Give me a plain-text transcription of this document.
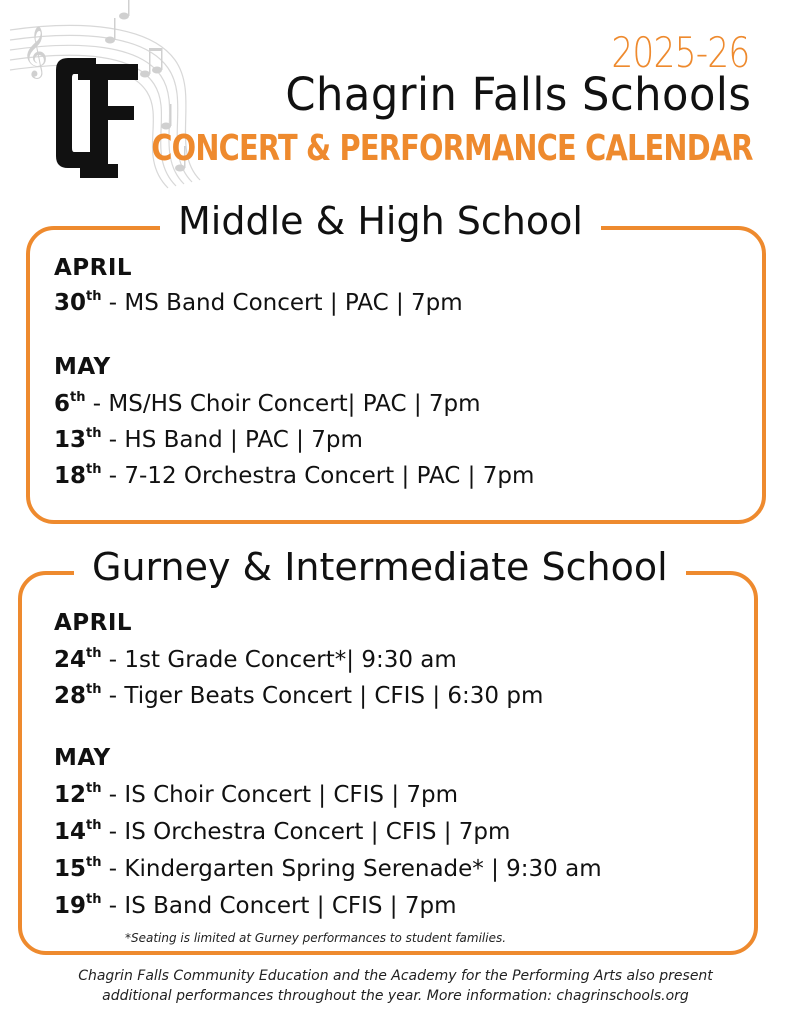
𝄞	2025-26
Chagrin Falls Schools
CONCERT & PERFORMANCE CALENDAR
Middle & High School
APRIL
30th - MS Band Concert | PAC | 7pm
MAY
6th - MS/HS Choir Concert| PAC | 7pm
13th - HS Band | PAC | 7pm
18th - 7-12 Orchestra Concert | PAC | 7pm
Gurney & Intermediate School
APRIL
24th - 1st Grade Concert*| 9:30 am
28th - Tiger Beats Concert | CFIS | 6:30 pm
MAY
12th - IS Choir Concert | CFIS | 7pm
14th - IS Orchestra Concert | CFIS | 7pm
15th - Kindergarten Spring Serenade* | 9:30 am
19th - IS Band Concert | CFIS | 7pm
*Seating is limited at Gurney performances to student families.
Chagrin Falls Community Education and the Academy for the Performing Arts also present
additional performances throughout the year. More information: chagrinschools.org
